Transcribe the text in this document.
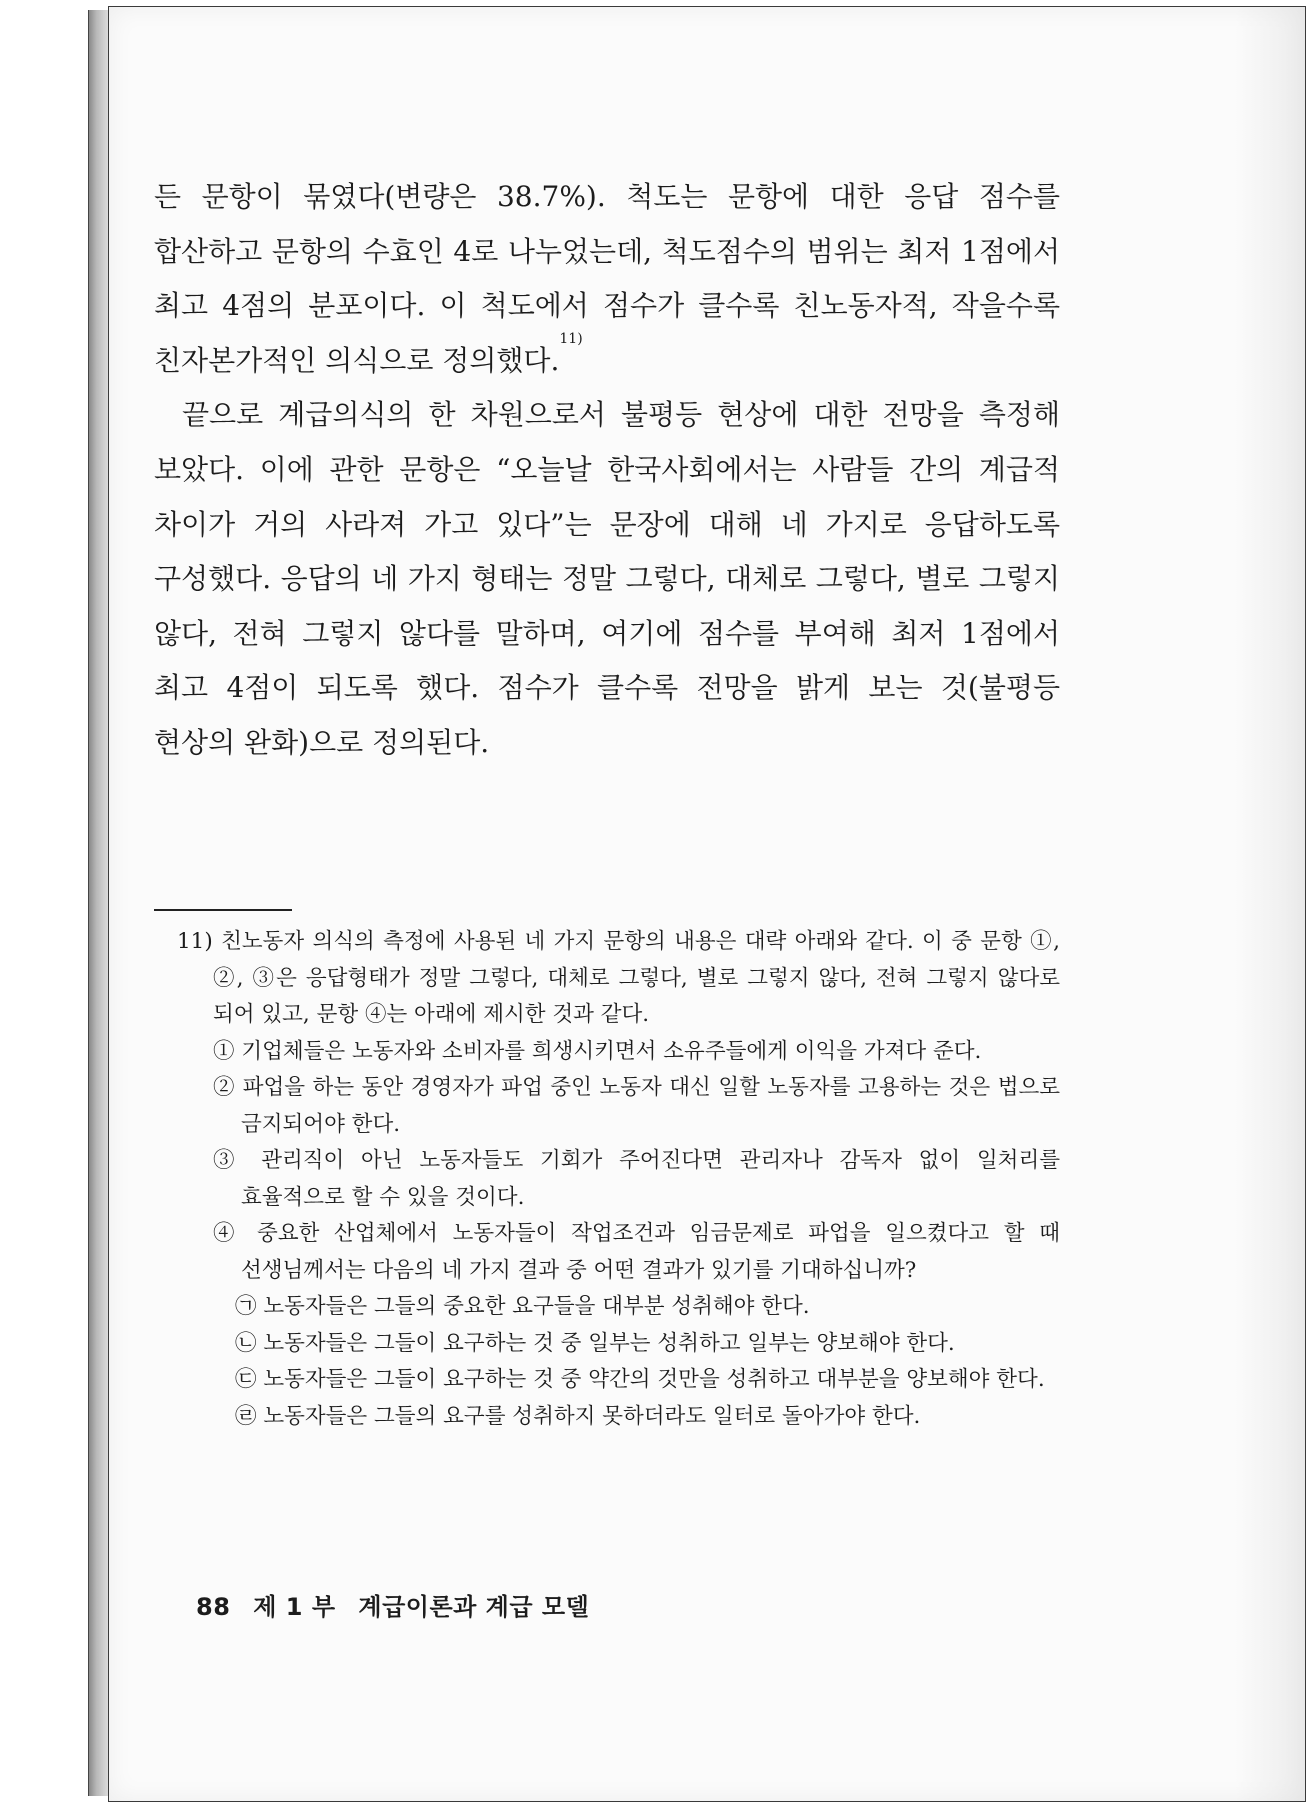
든 문항이 묶였다(변량은 38.7%). 척도는 문항에 대한 응답 점수를 합산하고 문항의 수효인 4로 나누었는데, 척도점수의 범위는 최저 1점에서 최고 4점의 분포이다. 이 척도에서 점수가 클수록 친노동자적, 작을수록 친자본가적인 의식으로 정의했다.$^{11)}$

끝으로 계급의식의 한 차원으로서 불평등 현상에 대한 전망을 측정해 보았다. 이에 관한 문항은 “오늘날 한국사회에서는 사람들 간의 계급적 차이가 거의 사라져 가고 있다”는 문장에 대해 네 가지로 응답하도록 구성했다. 응답의 네 가지 형태는 정말 그렇다, 대체로 그렇다, 별로 그렇지 않다, 전혀 그렇지 않다를 말하며, 여기에 점수를 부여해 최저 1점에서 최고 4점이 되도록 했다. 점수가 클수록 전망을 밝게 보는 것(불평등 현상의 완화)으로 정의된다.

11) 친노동자 의식의 측정에 사용된 네 가지 문항의 내용은 대략 아래와 같다. 이 중 문항 ①, ②, ③은 응답형태가 정말 그렇다, 대체로 그렇다, 별로 그렇지 않다, 전혀 그렇지 않다로 되어 있고, 문항 ④는 아래에 제시한 것과 같다.

① 기업체들은 노동자와 소비자를 희생시키면서 소유주들에게 이익을 가져다 준다.

② 파업을 하는 동안 경영자가 파업 중인 노동자 대신 일할 노동자를 고용하는 것은 법으로 금지되어야 한다.

③ 관리직이 아닌 노동자들도 기회가 주어진다면 관리자나 감독자 없이 일처리를 효율적으로 할 수 있을 것이다.

④ 중요한 산업체에서 노동자들이 작업조건과 임금문제로 파업을 일으켰다고 할 때 선생님께서는 다음의 네 가지 결과 중 어떤 결과가 있기를 기대하십니까?

㉠ 노동자들은 그들의 중요한 요구들을 대부분 성취해야 한다.

㉡ 노동자들은 그들이 요구하는 것 중 일부는 성취하고 일부는 양보해야 한다.

㉢ 노동자들은 그들이 요구하는 것 중 약간의 것만을 성취하고 대부분을 양보해야 한다.

㉣ 노동자들은 그들의 요구를 성취하지 못하더라도 일터로 돌아가야 한다.

88 제 1 부 계급이론과 계급 모델
